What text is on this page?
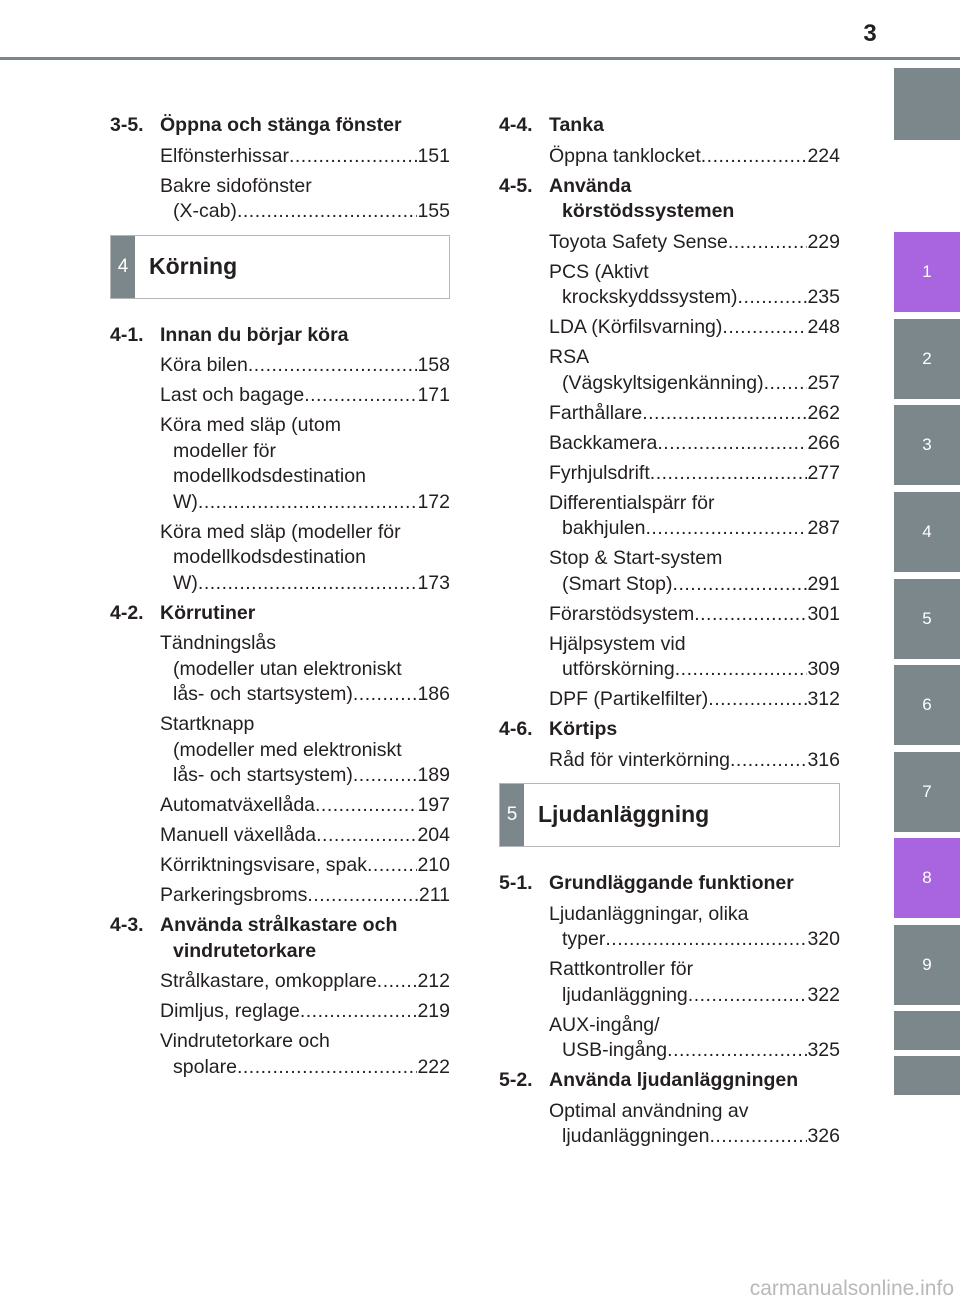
3
1
2
3
4
5
6
7
8
9
3-5. Öppna och stänga fönster
Elfönsterhissar .....	151
Bakre sidofönster
(X-cab) .....	155
4 Körning
4-1. Innan du börjar köra
Köra bilen .....	158
Last och bagage .....	171
Köra med släp (utom
modeller för
modellkodsdestination
W) .....	172
Köra med släp (modeller för
modellkodsdestination
W) .....	173
4-2. Körrutiner
Tändningslås
(modeller utan elektroniskt
lås- och startsystem) .....	186
Startknapp
(modeller med elektroniskt
lås- och startsystem) .....	189
Automatväxellåda .....	197
Manuell växellåda .....	204
Körriktningsvisare, spak .....	210
Parkeringsbroms .....	211
4-3. Använda strålkastare och
vindrutetorkare
Strålkastare, omkopplare ..... 212
Dimljus, reglage .....	219
Vindrutetorkare och
spolare .....	222
4-4. Tanka
Öppna tanklocket .....	224
4-5. Använda
körstödssystemen
Toyota Safety Sense .....	229
PCS (Aktivt
krockskyddssystem) .....	235
LDA (Körfilsvarning) .....	248
RSA
(Vägskyltsigenkänning) ..... 257
Farthållare .....	262
Backkamera .....	266
Fyrhjulsdrift .....	277
Differentialspärr för
bakhjulen .....	287
Stop & Start-system
(Smart Stop) .....	291
Förarstödsystem .....	301
Hjälpsystem vid
utförskörning .....	309
DPF (Partikelfilter) .....	312
4-6. Körtips
Råd för vinterkörning .....	316
5 Ljudanläggning
5-1. Grundläggande funktioner
Ljudanläggningar, olika
typer .....	320
Rattkontroller för
ljudanläggning .....	322
AUX-ingång/
USB-ingång .....	325
5-2. Använda ljudanläggningen
Optimal användning av
ljudanläggningen .....	326
carmanualsonline.info
